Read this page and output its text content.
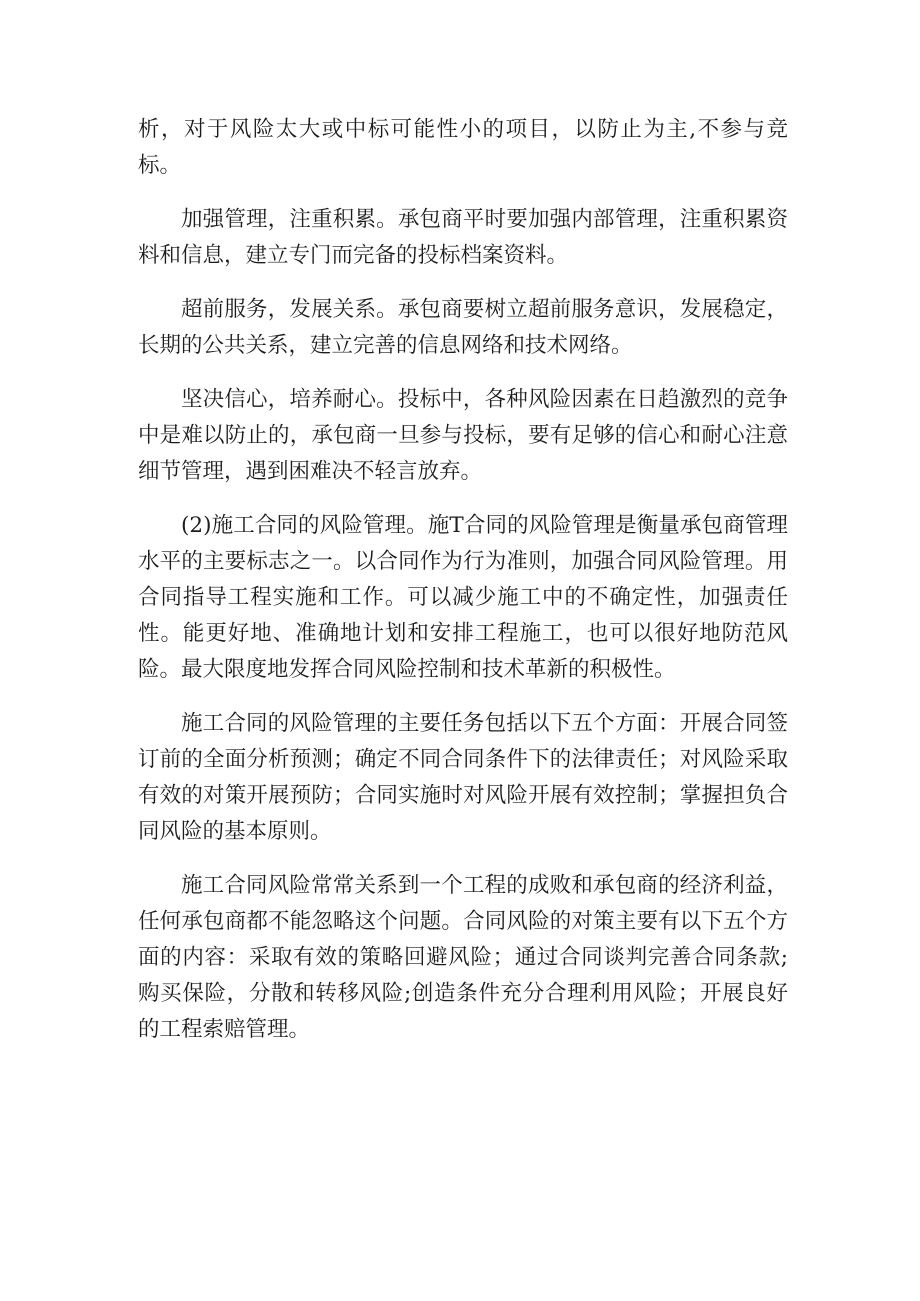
析，对于风险太大或中标可能性小的项目，以防止为主,不参与竞标。

加强管理，注重积累。承包商平时要加强内部管理，注重积累资料和信息，建立专门而完备的投标档案资料。

超前服务，发展关系。承包商要树立超前服务意识，发展稳定，长期的公共关系，建立完善的信息网络和技术网络。

坚决信心，培养耐心。投标中，各种风险因素在日趋激烈的竞争中是难以防止的，承包商一旦参与投标，要有足够的信心和耐心注意细节管理，遇到困难决不轻言放弃。

(2)施工合同的风险管理。施T合同的风险管理是衡量承包商管理水平的主要标志之一。以合同作为行为准则，加强合同风险管理。用合同指导工程实施和工作。可以减少施工中的不确定性，加强责任性。能更好地、准确地计划和安排工程施工，也可以很好地防范风险。最大限度地发挥合同风险控制和技术革新的积极性。

施工合同的风险管理的主要任务包括以下五个方面：开展合同签订前的全面分析预测；确定不同合同条件下的法律责任；对风险采取有效的对策开展预防；合同实施时对风险开展有效控制；掌握担负合同风险的基本原则。

施工合同风险常常关系到一个工程的成败和承包商的经济利益，任何承包商都不能忽略这个问题。合同风险的对策主要有以下五个方面的内容：采取有效的策略回避风险；通过合同谈判完善合同条款;购买保险，分散和转移风险;创造条件充分合理利用风险；开展良好的工程索赔管理。
